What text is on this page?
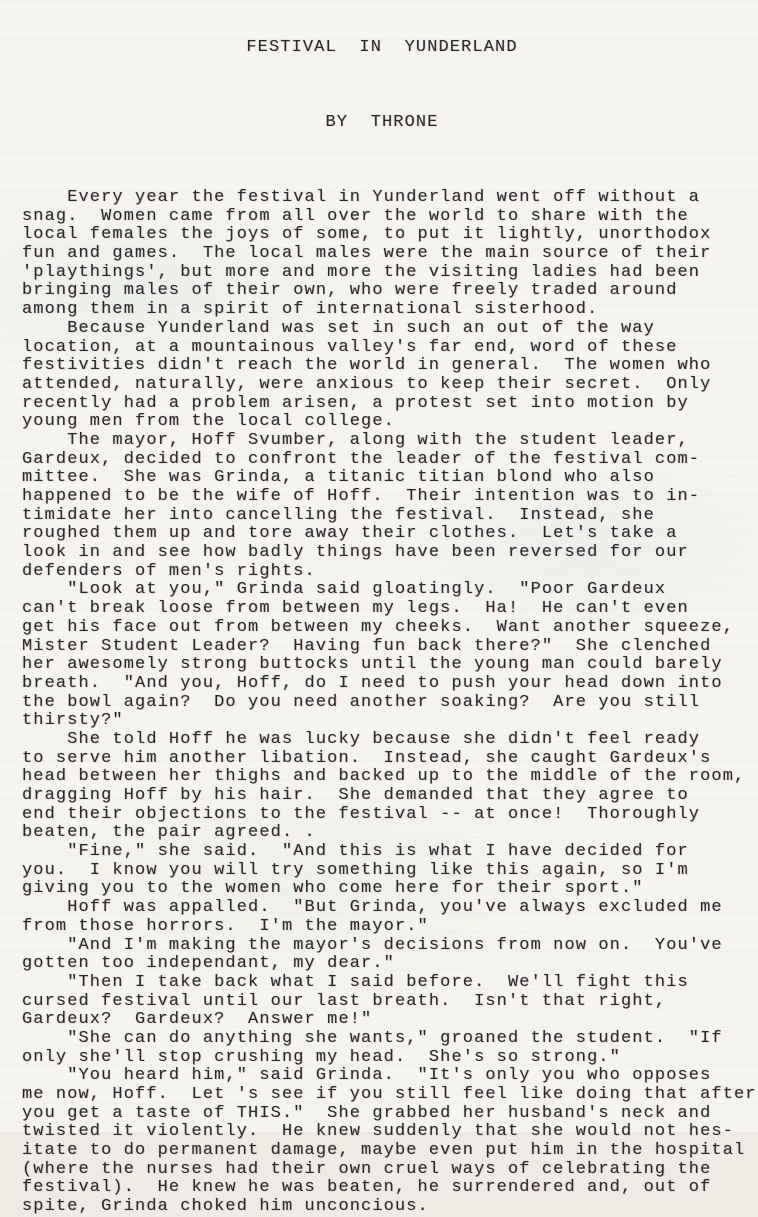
FESTIVAL  IN  YUNDERLAND

BY  THRONE

Every year the festival in Yunderland went off without a
snag.  Women came from all over the world to share with the
local females the joys of some, to put it lightly, unorthodox
fun and games.  The local males were the main source of their
'playthings', but more and more the visiting ladies had been
bringing males of their own, who were freely traded around
among them in a spirit of international sisterhood.
Because Yunderland was set in such an out of the way
location, at a mountainous valley's far end, word of these
festivities didn't reach the world in general.  The women who
attended, naturally, were anxious to keep their secret.  Only
recently had a problem arisen, a protest set into motion by
young men from the local college.
The mayor, Hoff Svumber, along with the student leader,
Gardeux, decided to confront the leader of the festival com-
mittee.  She was Grinda, a titanic titian blond who also
happened to be the wife of Hoff.  Their intention was to in-
timidate her into cancelling the festival.  Instead, she
roughed them up and tore away their clothes.  Let's take a
look in and see how badly things have been reversed for our
defenders of men's rights.
"Look at you," Grinda said gloatingly.  "Poor Gardeux
can't break loose from between my legs.  Ha!  He can't even
get his face out from between my cheeks.  Want another squeeze,
Mister Student Leader?  Having fun back there?"  She clenched
her awesomely strong buttocks until the young man could barely
breath.  "And you, Hoff, do I need to push your head down into
the bowl again?  Do you need another soaking?  Are you still
thirsty?"
She told Hoff he was lucky because she didn't feel ready
to serve him another libation.  Instead, she caught Gardeux's
head between her thighs and backed up to the middle of the room,
dragging Hoff by his hair.  She demanded that they agree to
end their objections to the festival -- at once!  Thoroughly
beaten, the pair agreed. .
"Fine," she said.  "And this is what I have decided for
you.  I know you will try something like this again, so I'm
giving you to the women who come here for their sport."
Hoff was appalled.  "But Grinda, you've always excluded me
from those horrors.  I'm the mayor."
"And I'm making the mayor's decisions from now on.  You've
gotten too independant, my dear."
"Then I take back what I said before.  We'll fight this
cursed festival until our last breath.  Isn't that right,
Gardeux?  Gardeux?  Answer me!"
"She can do anything she wants," groaned the student.  "If
only she'll stop crushing my head.  She's so strong."
"You heard him," said Grinda.  "It's only you who opposes
me now, Hoff.  Let 's see if you still feel like doing that after
you get a taste of THIS."  She grabbed her husband's neck and
twisted it violently.  He knew suddenly that she would not hes-
itate to do permanent damage, maybe even put him in the hospital
(where the nurses had their own cruel ways of celebrating the
festival).  He knew he was beaten, he surrendered and, out of
spite, Grinda choked him unconcious.
